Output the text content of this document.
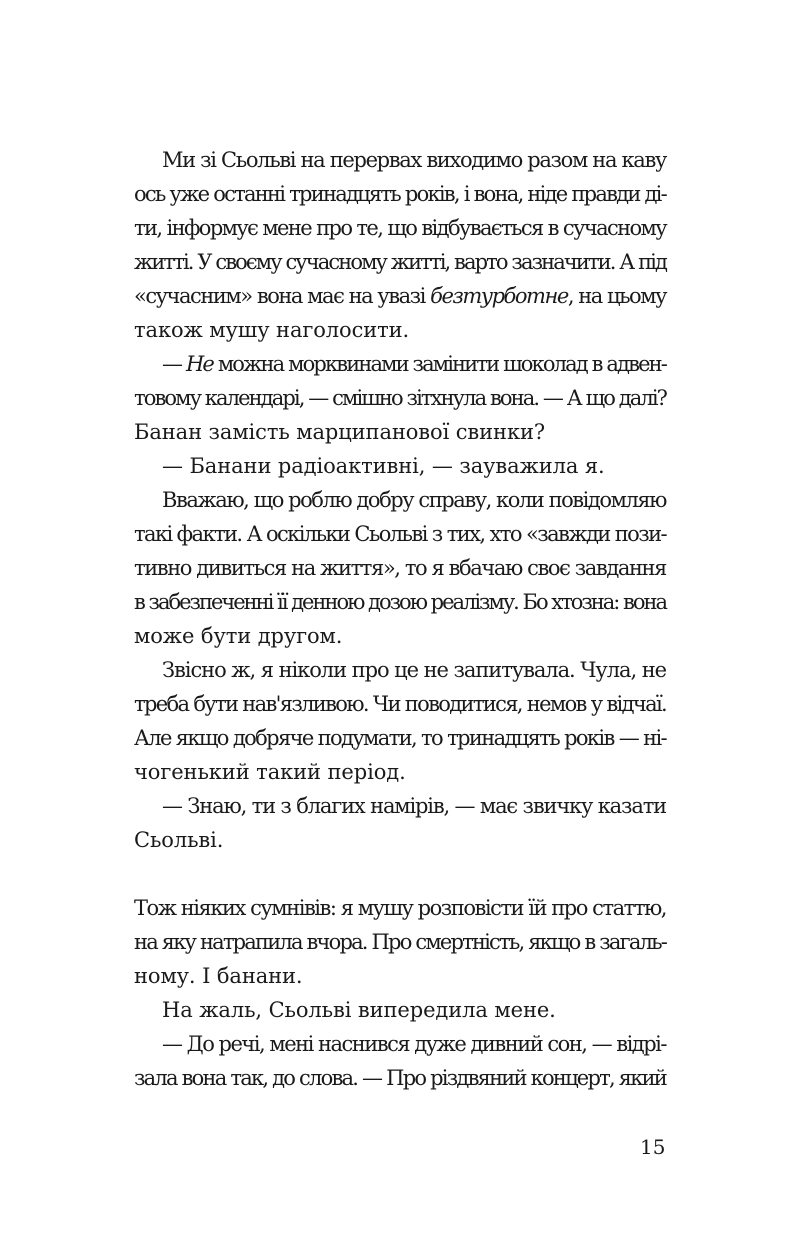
Ми зі Сьольві на перервах виходимо разом на каву
ось уже останні тринадцять років, і вона, ніде правди ді-
ти, інформує мене про те, що відбувається в сучасному
житті. У своєму сучасному житті, варто зазначити. А під
«сучасним» вона має на увазі безтурботне, на цьому
також мушу наголосити.
— Не можна морквинами замінити шоколад в адвен-
товому календарі, — смішно зітхнула вона. — А що далі?
Банан замість марципанової свинки?
— Банани радіоактивні, — зауважила я.
Вважаю, що роблю добру справу, коли повідомляю
такі факти. А оскільки Сьольві з тих, хто «завжди пози-
тивно дивиться на життя», то я вбачаю своє завдання
в забезпеченні її денною дозою реалізму. Бо хтозна: вона
може бути другом.
Звісно ж, я ніколи про це не запитувала. Чула, не
треба бути нав'язливою. Чи поводитися, немов у відчаї.
Але якщо добряче подумати, то тринадцять років — ні-
чогенький такий період.
— Знаю, ти з благих намірів, — має звичку казати
Сьольві.
Тож ніяких сумнівів: я мушу розповісти їй про статтю,
на яку натрапила вчора. Про смертність, якщо в загаль-
ному. І банани.
На жаль, Сьольві випередила мене.
— До речі, мені наснився дуже дивний сон, — відрі-
зала вона так, до слова. — Про різдвяний концерт, який
15
